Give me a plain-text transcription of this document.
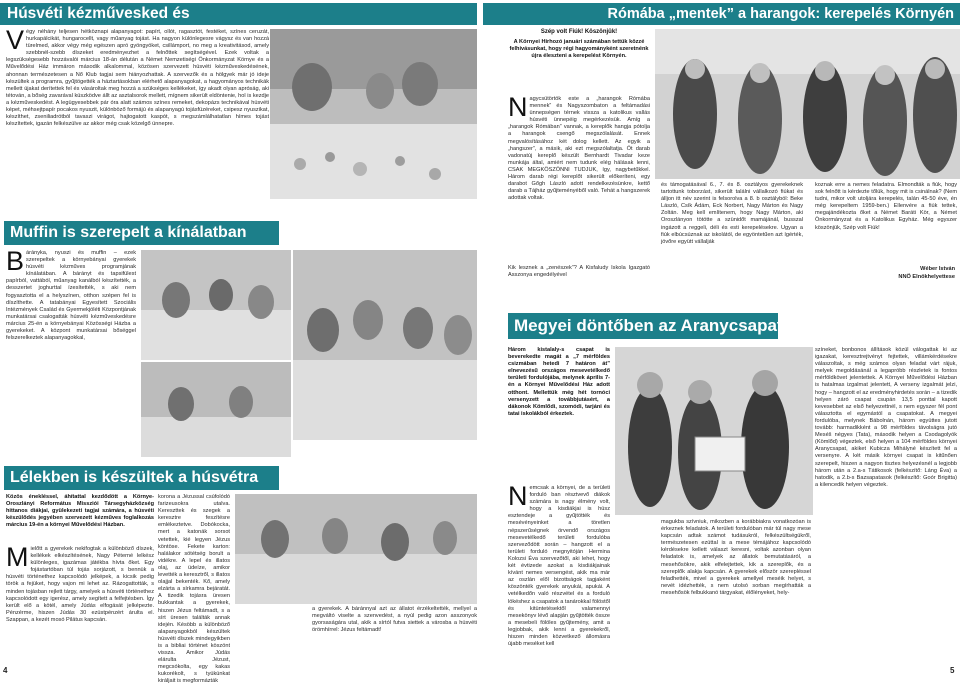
Húsvéti kézművesked és
V égy néhány teljesen hétköznapi alapanyagot: papírt, ollót, ragasztót, festéket, színes ceruzát, hurkapálcikát, hungarocellt, vagy műanyag tojást. Ha nagyon különlegesre vágysz és van hozzá türelmed, akkor végy még egészen apró gyöngyöket, csillámport, no meg a kreativitásod, amely szebbnél-szebb díszeket eredményezhet a felnőttek segítségével. Ezek voltak a legszükségesebb hozzávalói március 18-án délután a Német Nemzetiségi Önkormányzat Környe és a Művelődési Ház immáron második alkalommal, közösen szervezett húsvéti kézműveskedésének, ahonnan természetesen a Nő Klub tagjai sem hiányozhattak. A szervezők és a hölgyek már jó ideje készültek a programra, gyűjtögették a háztartásokban elérhető alapanyagokat, a hagyományos technikák mellett újakat derítettek fel és vásároltak meg hozzá a szükséges kellékeket, így akadt olyan apróság, aki tétován, a bőség zavarával küszködve állt az asztalsorok mellett, mígnem sikerült eldöntenie, hol is kezdje a kézműveskedést. A legügyesebbek pár óra alatt számos színes remeket, dekopázs technikával húsvéti képet, méhsejtpapír pocakos nyuszit, különböző formájú és alapanyagú tojásfüzéreket, csipesz nyuszikat, készíthet, zseniliadrótból tavaszi virágot, hajtogatott kaspót, s megszámlálhatatlan hímes tojást készítettek, igazán felkészülve az akkor még csak közelgő ünnepre.
Muffin is szerepelt a kínálatban
B áránykа, nyuszi és muffin – ezek szerepeltek a környebányai gyerekek húsvéti kézműves programjának kínálatában. A bárányt és tapsifülest papírból, vattából, műanyag kanálból készítették, a desszertet joghurttal ízesítették, s aki nem fogyasztotta el a helyszínen, otthon szépen fel is díszíthette. A tatabányai Egyesített Szociális Intézmények Család és Gyermekjóléti Központjának munkatársai csalogatták húsvéti kézműveskedésre március 25-én a környebányai Közösségi Házba a gyerekeket. A központ munkatársai bőséggel felszerelkeztek alapanyagokkal,
Lélekben is készültek a húsvétra
Közös énekléssel, áhítattal kezdődött a Környe-Oroszlányi Református Missziói Társegyházközség hittanos diákjai, gyülekezeti tagjai számára, a húsvéti készülődés jegyében szervezett kézműves foglalkozás március 19-én a környei Művelődési Házban.
M ielőtt a gyerekek nekifogtak a különböző díszek, kellékek elkészítésének, Nagy Péterné lelkész különleges, igazámas játékba hívta őket. Egy fojástartóban túl tojás sorjázott, s bennük a húsvéti történethez kapcsolódó jelképek, a kicsik pedig török a fejüket, hogy vajon mi lehet az. Rázogattották, s minden tojásban rejlett tárgy, amelyek a húsvéti történethez kapcsolódott egy igerész, amely segített a felfejtésben. Így került elő a kötél, amely Júdás elfogását jelképezte. Pénzérme, hiszen Júdás 30 ezüstpénzért árulta el. Szappan, a kezét mosó Pilátus kapcsán.
korona a Jézussal csúfolódó farizeusokra utalva. Kereszttek és szegek a keresztre feszítésre emlékeztetve. Dobókocka, mert a katonák sorsot vetettek, kié legyen Jézus köntöse. Fekete karton: halálakor sötétség borult a vidékre. A lepel és illatos olaj, az üdeíze, amikor levették a keresztről, s illatos olajjal bekenték. Kő, amely elzárta a sírkamra bejáratát. A tizedik tojásra üresen bukkantak a gyerekek, hiszen Jézus feltámadt, s a sírt üresen találták annak idején. Késöbb a különböző alapanyagokból készültek húsvéti díszek mindegyikben is a bibliai történet köszönt vissza. Amikor Júdás elárulta Jézust, megcsókolta, egy kakas kukorékolt, s tyúkúnkat királjait is megformázták
a gyerekek. A báránnyal azt az állatot érzékeltették, mellyel a megváltó viselte a szenvedést, a nyúl pedig azon asszonyok gyorsaságára utal, akik a sírtól futva siettek a városba a húsvéti örömhírrel: Jézus feltámadt!
4
Rómába „mentek” a harangok: kerepelés Környén
Szép volt Fiúk! Köszönjük!
A Környei Hírhozó januári számában tettük közzé felhívásunkat, hogy régi hagyományként szeretnénk újra éleszteni a kerepelést Környén.
N agycsütörtök este a „harangok Rómába mennek” és Nagyszombaton a feltámadási ünnepségen térnek vissza a katolikus vallás húsvéti ünnepéig megérkezésük. Amíg a „harangok Rómában” vannak, a kereplők hangja pótolja a harangok csengő megszólalását. Ennek megvalósításához két dolog kellett. Az egyik a „hangszer”, a másik, aki ezt megszólaltatja. Öt darab vadonatúj kereplő készült Bernhardt Tivadar keze munkája által, amiért nem tudunk elég hálásak lenni, CSAK MEGKÖSZÖNNI TUDJUK, így, nagybetűkkel. Három darab régi kereplőt sikerült előkeríteni, egy darabot Gőgh László adott rendelkezésünkre, kettő darab a Tájház gyűjteményéből való. Tehát a hangszerek adottak voltak.
Kik lesznek a „zenészek”? A Kisfaludy Iskola Igazgató Asszonya engedélyével
és támogatásával 6., 7. és 8. osztályos gyerekeknek tartottunk toborzást, sikerült találni vállalkozó fiúkat és álljon itt név szerint is felsorolva a 8. b osztályból: Beke László, Csík Ádám, Eck Norbert, Nagy Márton és Nagy Zoltán. Meg kell említenem, hogy Nagy Márton, aki Oroszlányon tötötte a szünidőt mamájánál, busszal ingázott a reggeli, déli és esti kerepelésekre. Ugyan a fiúk elbúcsúznak az iskolától, de egyöntetűen azt ígérték, jövőre együtt vállalják
koznak erre a nemes feladatra. Elmondták a fiúk, hogy sok felnőtt is kérdezte tőlük, hogy mit is csinálnak? (Nem tudni, mikor volt utoljára kerepelés, talán 45-50 éve, én még kerepeltem 1959-ben.) Ellenvére a fiúk tettek, megajándékozta őket a Német Baráti Kör, a Német Önkormányzat és a Katolikus Egyház. Még egyszer köszönjük, Szép volt Fiúk!
Wéber István
NNÖ Elnökhelyettese
Megyei döntőben az Aranycsapat
Három kistalaly-s csapat is beverekedte magát a „7 mérföldes csizmában hetedi 7 határon át” elnevezésű országos mesevetélkedő területi fordulójába, melynek április 7-én a Környei Művelődési Ház adott otthont. Mellettük még hét tornóci versenyzett a továbbjutásért, a dákonok Kömlődi, szomódi, tarjáni és tatai iskolákból érkeztek.
N emcsak a környei, de a területi forduló ban résztvevő diákok számára is nagy élmény volt, hogy a kisdiákjai is húsz esztendeje a gyűjtötték és mesévényeinket a töretlen népszerűségnek örvendő országos mesevetélkedő területi fordulóba szerveződött során – hangzott el a területi forduló megnyitóján Hermina Kolozsi Éva szervezőtől, aki lehet, hogy két évtizede azokat a kisdiákjainak kívánt nemes versengést, akik ma már az oszlán elől bizottságok tagjaként köszönték gyerekek anyukái, apukái. A vetélkedőn való részvétel és a forduló lökéshez a csapatok a tanárokkal fölöstől és kitüntetésektől valamennyi mesekönyv lévő alapján gyűjtötték össze a mesebeli fölöles gyűjtemény, amit a legjobbak, akik lenni a gyerekekről, hiszen minden közvetkező állomásra újabb meséket kell
magukba szívniuk, mikozben a korábbiakra vonatkozóan is érkeznek feladatok. A területi fordulóban már túl nagy mese kapcsán adtak számot tudásukról, felkészültségükről, természetesen ezúttal is a mese témájához kapcsolódó kérdésekre kellett választ keresni, voltak azonban olyan feladatok is, amelyek az állatok bemutatásáról, a mesehősökre, akik elfelejtettek, kik a szereplők, és a szereplők alakja kapcsán. A gyerekek először szerepléssel feladhették, mivel a gyerekek amellyel meséik helyet, s nevét idézhették, s nem utolsó sorban megírhatták a mesehősök felbukkanó tárgyakat, élőlényeket, hely-
színeket, bonbonos állítások közül válogattak ki az igazakat, keresztrejtvényt fejtettek, villámkérdésekre válaszoltak, s még számos olyan feladat várt rájuk, melyek megoldásánál a legapróbb részletek is fontos mérföldkövet jelentettek. A Környei Művelődési Házban is hatalmas izgalmat jelentett, A verseny izgalmát jelzi, hogy – hangzott el az eredményhirdetés során – a tizedik helyen záró csapat csupán 13,5 ponttal kapott kevesebbet az első helyezettnél, s nem egyszer fél pont választotta el egymástól a csapatokat. A megyei fordulóba, melynek Bábolnán, három együttes jutott tovább: harmadikként a 98 mérföldes távolságra jutó Meséš négyes (Tata), második helyen a Csodagolyók (Kömlőd) végeztek, első helyen a 104 mérföldes környei Aranycsapat, akiket Kubicza Mihályné készített fel a versenyre. A két másik környei csapat is kitűnően szerepelt, hiszen a nagyon tisztes helyezésnél a legjobb három után a 2.a-s Tátikosok (felkészítő: Láng Éva) a hatodik, a 2.b-s Bazsapatasok (felkészítő: Goór Brigitta) a kilencedik helyen végeztek.
5
